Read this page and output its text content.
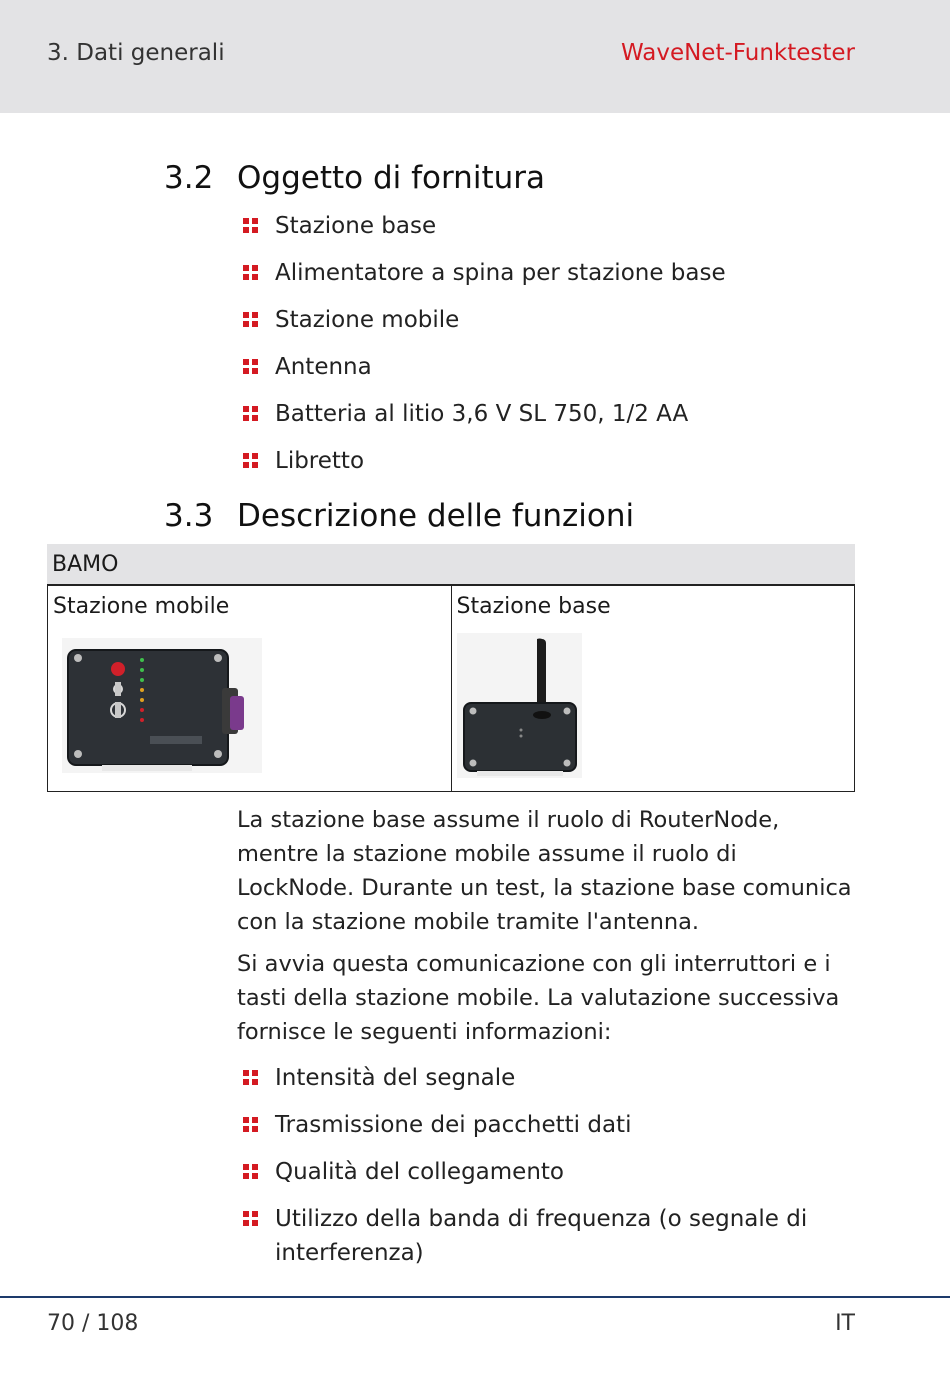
3. Dati generali	WaveNet-Funktester
3.2 Oggetto di fornitura
Stazione base
Alimentatore a spina per stazione base
Stazione mobile
Antenna
Batteria al litio 3,6 V SL 750, 1/2 AA
Libretto
3.3 Descrizione delle funzioni
BAMO
Stazione mobile	Stazione base

La stazione base assume il ruolo di RouterNode, mentre la stazione mobile assume il ruolo di LockNode. Durante un test, la stazione base comunica con la stazione mobile tramite l'antenna.

Si avvia questa comunicazione con gli interruttori e i tasti della stazione mobile. La valutazione successiva fornisce le seguenti informazioni:

Intensità del segnale
Trasmissione dei pacchetti dati
Qualità del collegamento
Utilizzo della banda di frequenza (o segnale di interferenza)
70 / 108	IT
